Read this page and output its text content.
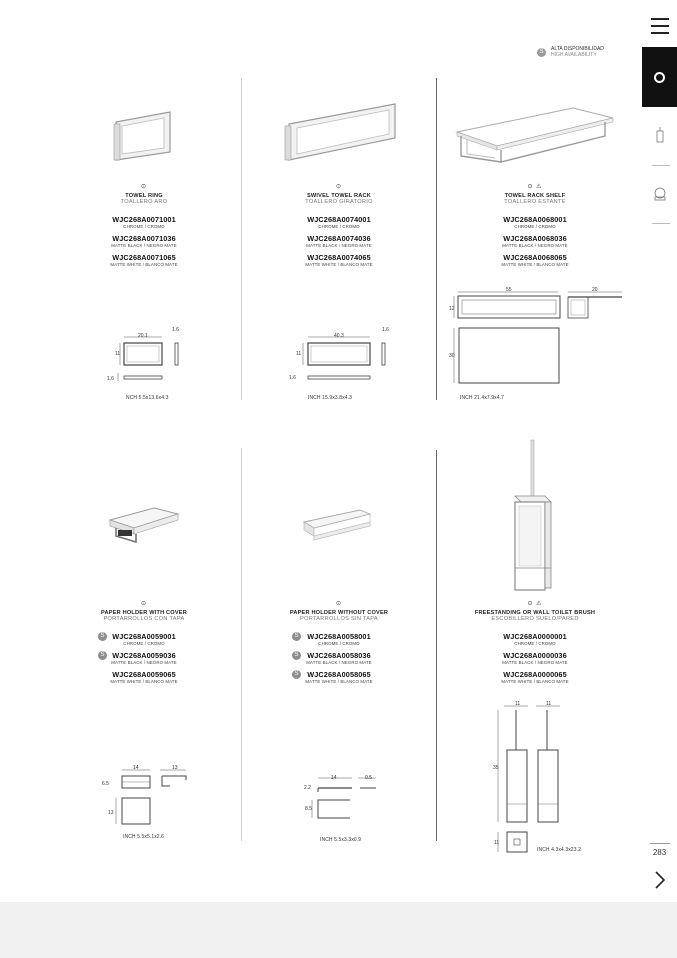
S	ALTA DISPONIBILIDAD
HIGH AVAILABILITY
⊙
TOWEL RING
TOALLERO ARO
WJC268A0071001
CHROME / CROMO
WJC268A0071036
MATTE BLACK / NEGRO MATE
WJC268A0071065
MATTE WHITE / BLANCO MATE
⊙
SWIVEL TOWEL RACK
TOALLERO GIRATORIO
WJC268A0074001
CHROME / CROMO
WJC268A0074036
MATTE BLACK / NEGRO MATE
WJC268A0074065
MATTE WHITE / BLANCO MATE
⊙ ⚠
TOWEL RACK SHELF
TOALLERO ESTANTE
WJC268A0068001
CHROME / CROMO
WJC268A0068036
MATTE BLACK / NEGRO MATE
WJC268A0068065
MATTE WHITE / BLANCO MATE
20.1
1.6
11
1.6
NCH 5.5x13.6x4.3
40.3
1.6
11
1.6
INCH 15.9x3.8x4.3
55	20
12
30
INCH 21.4x7.9x4.7
⊙
PAPER HOLDER WITH COVER
PORTARROLLOS CON TAPA
S	WJC268A0059001
CHROME / CROMO
S	WJC268A0059036
MATTE BLACK / NEGRO MATE
WJC268A0059065
MATTE WHITE / BLANCO MATE
⊙
PAPER HOLDER WITHOUT COVER
PORTARROLLOS SIN TAPA
S	WJC268A0058001
CHROME / CROMO
S	WJC268A0058036
MATTE BLACK / NEGRO MATE
S	WJC268A0058065
MATTE WHITE / BLANCO MATE
⊙ ⚠
FREESTANDING OR WALL TOILET BRUSH
ESCOBILLERO SUELO/PARED
WJC268A0000001
CHROME / CROMO
WJC268A0000036
MATTE BLACK / NEGRO MATE
WJC268A0000065
MATTE WHITE / BLANCO MATE
14	13
6.5
13
INCH 5.5x5.1x2.6
14	0.5
2.2
8.5
INCH 5.5x3.3x0.9
11	11
35
11
INCH 4.3x4.3x23.2	283
